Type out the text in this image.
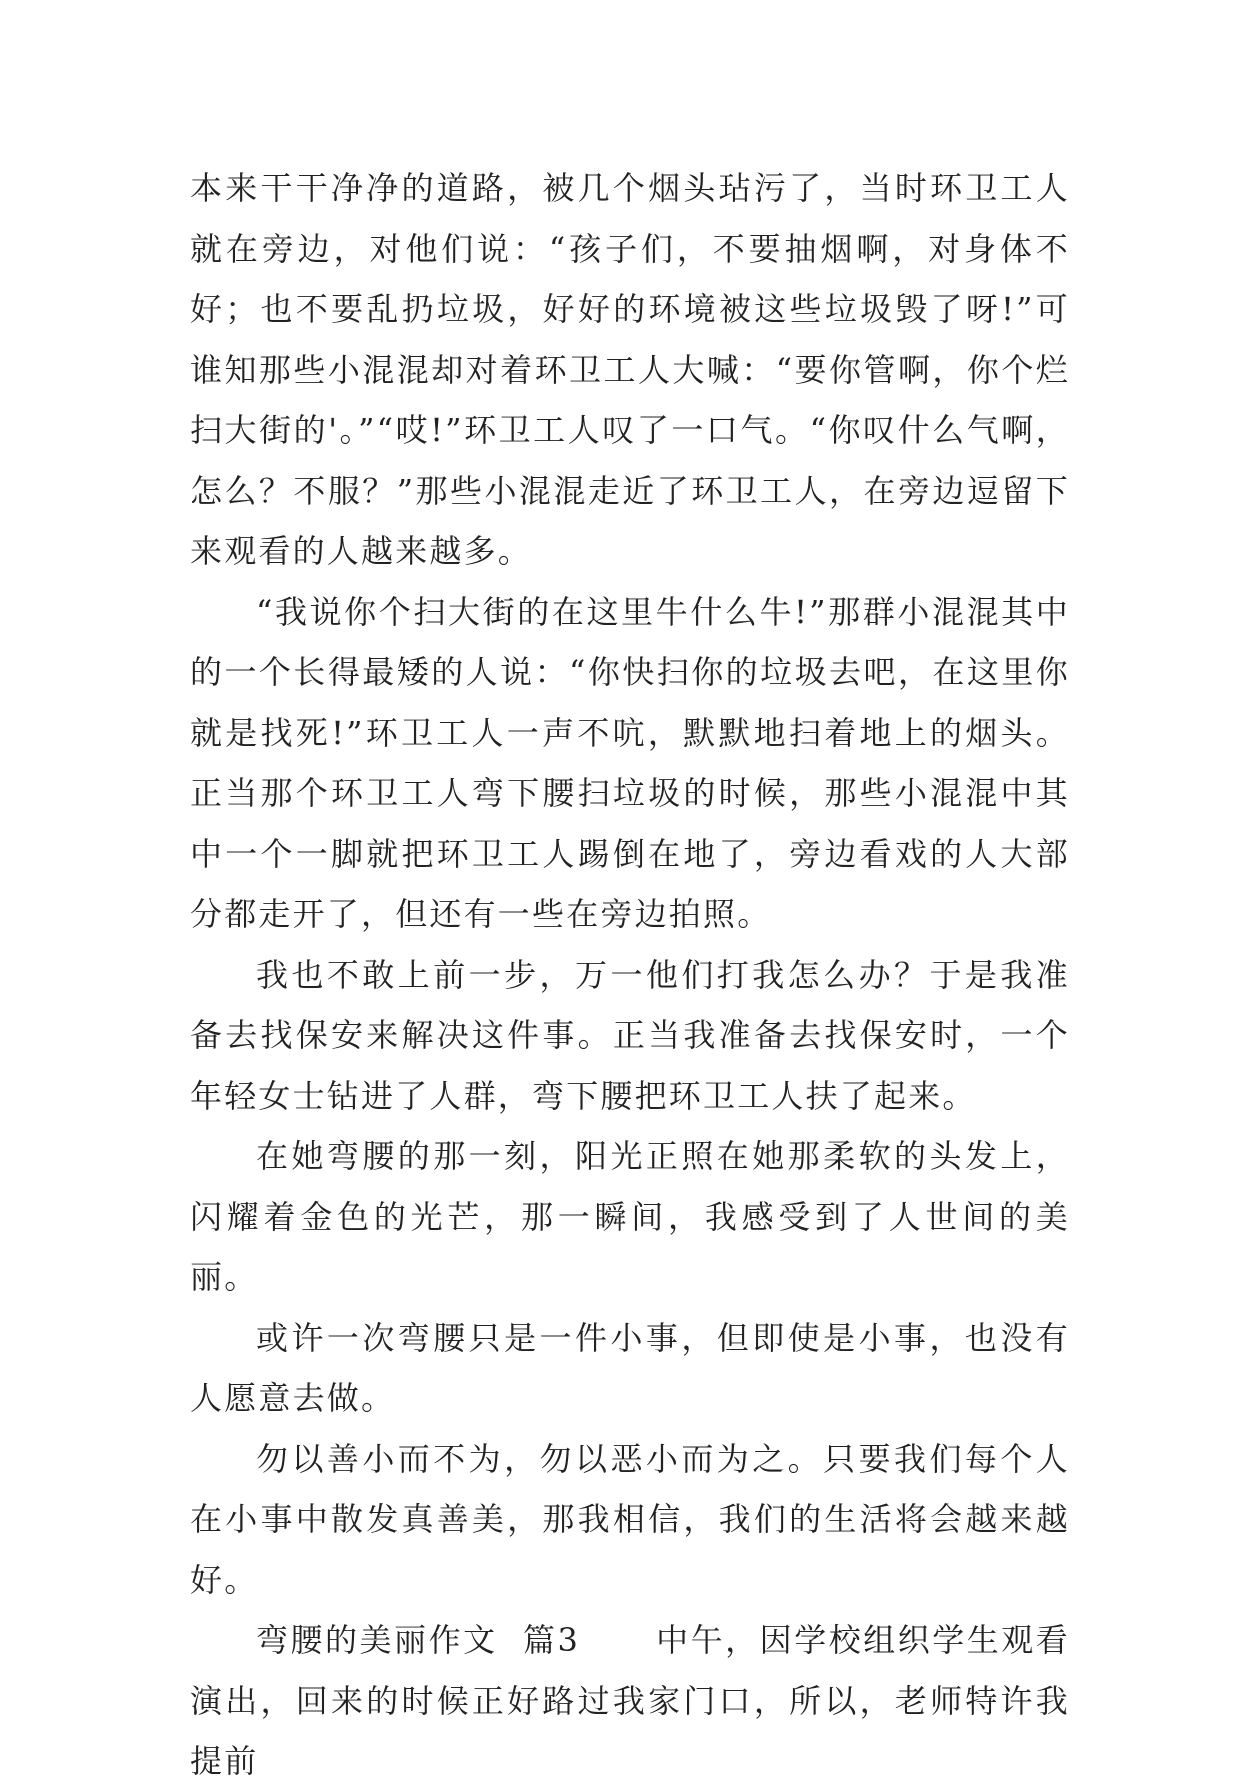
本来干干净净的道路，被几个烟头玷污了，当时环卫工人就在旁边，对他们说：“孩子们，不要抽烟啊，对身体不好；也不要乱扔垃圾，好好的环境被这些垃圾毁了呀!”可谁知那些小混混却对着环卫工人大喊：“要你管啊，你个烂扫大街的'。”“哎!”环卫工人叹了一口气。“你叹什么气啊，怎么？不服？”那些小混混走近了环卫工人，在旁边逗留下来观看的人越来越多。

“我说你个扫大街的在这里牛什么牛!”那群小混混其中的一个长得最矮的人说：“你快扫你的垃圾去吧，在这里你就是找死!”环卫工人一声不吭，默默地扫着地上的烟头。正当那个环卫工人弯下腰扫垃圾的时候，那些小混混中其中一个一脚就把环卫工人踢倒在地了，旁边看戏的人大部分都走开了，但还有一些在旁边拍照。

我也不敢上前一步，万一他们打我怎么办？于是我准备去找保安来解决这件事。正当我准备去找保安时，一个年轻女士钻进了人群，弯下腰把环卫工人扶了起来。

在她弯腰的那一刻，阳光正照在她那柔软的头发上，闪耀着金色的光芒，那一瞬间，我感受到了人世间的美丽。

或许一次弯腰只是一件小事，但即使是小事，也没有人愿意去做。

勿以善小而不为，勿以恶小而为之。只要我们每个人在小事中散发真善美，那我相信，我们的生活将会越来越好。

弯腰的美丽作文  篇3      中午，因学校组织学生观看演出，回来的时候正好路过我家门口，所以，老师特许我提前
